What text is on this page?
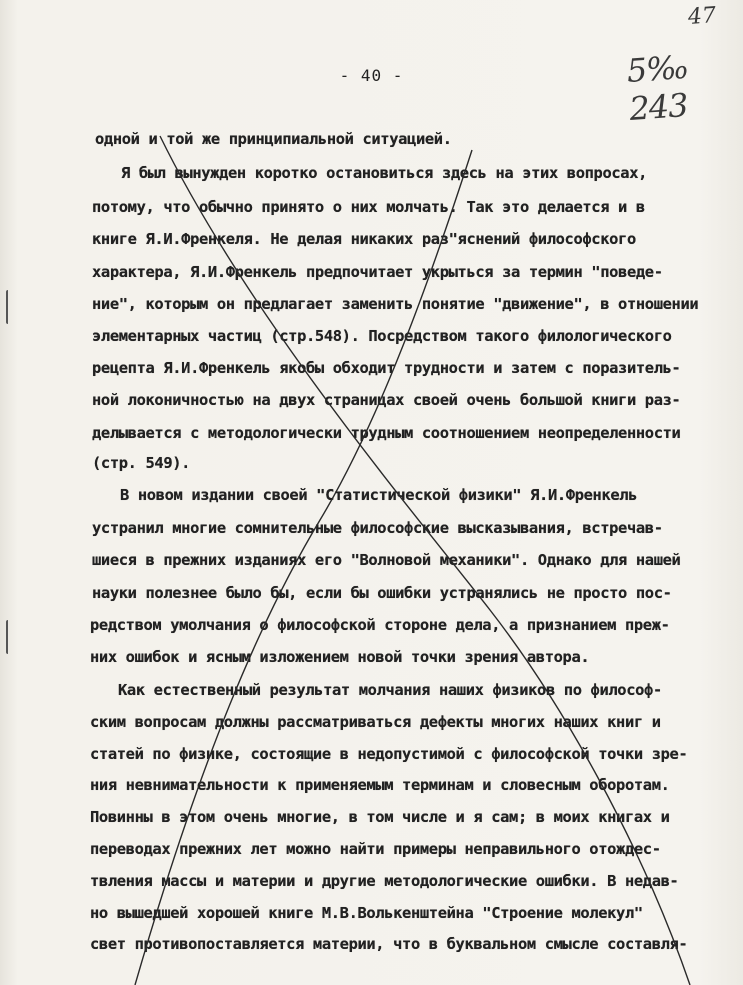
47
5‰ 243
- 40 -
одной и той же принципиальной ситуацией.
Я был вынужден коротко остановиться здесь на этих вопросах,
потому, что обычно принято о них молчать. Так это делается и в
книге Я.И.Френкеля. Не делая никаких раз"яснений философского
характера, Я.И.Френкель предпочитает укрыться за термин "поведе-
ние", которым он предлагает заменить понятие "движение", в отношении
элементарных частиц (стр.548). Посредством такого филологического
рецепта Я.И.Френкель якобы обходит трудности и затем с поразитель-
ной локоничностью на двух страницах своей очень большой книги раз-
делывается с методологически трудным соотношением неопределенности
(стр. 549).
В новом издании своей "Статистической физики" Я.И.Френкель
устранил многие сомнительные философские высказывания, встречав-
шиеся в прежних изданиях его "Волновой механики". Однако для нашей
науки полезнее было бы, если бы ошибки устранялись не просто пос-
редством умолчания о философской стороне дела, а признанием преж-
них ошибок и ясным изложением новой точки зрения автора.
Как естественный результат молчания наших физиков по философ-
ским вопросам должны рассматриваться дефекты многих наших книг и
статей по физике, состоящие в недопустимой с философской точки зре-
ния невнимательности к применяемым терминам и словесным оборотам.
Повинны в этом очень многие, в том числе и я сам; в моих книгах и
переводах прежних лет можно найти примеры неправильного отождес-
твления массы и материи и другие методологические ошибки. В недав-
но вышедшей хорошей книге М.В.Волькенштейна "Строение молекул"
свет противопоставляется материи, что в буквальном смысле составля-
